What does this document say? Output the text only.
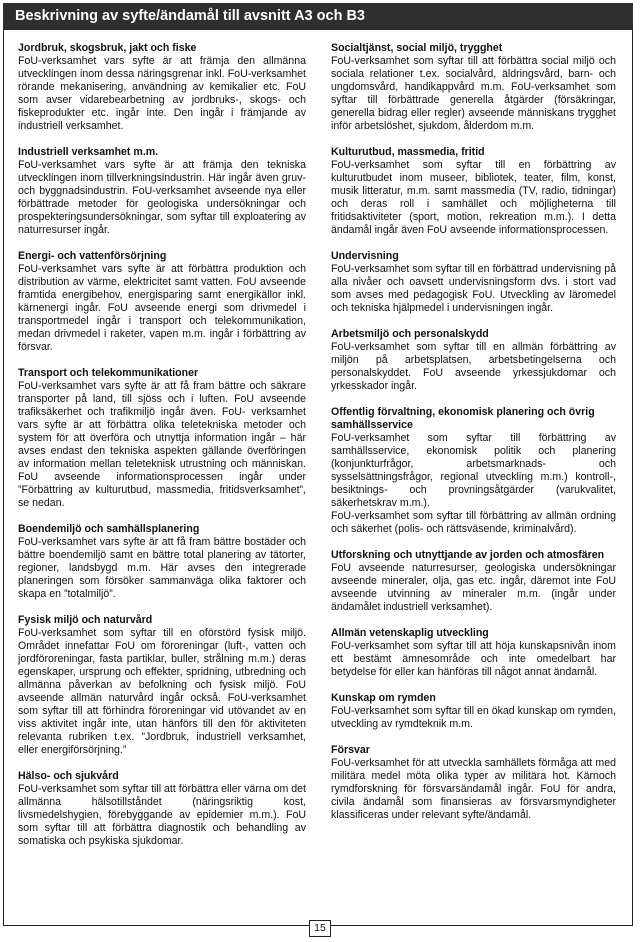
Beskrivning av syfte/ändamål till avsnitt A3 och B3
Jordbruk, skogsbruk, jakt och fiske

FoU-verksamhet vars syfte är att främja den allmänna utvecklingen inom dessa näringsgrenar inkl. FoU-verksamhet rörande mekanisering, användning av kemikalier etc. FoU som avser vidarebearbetning av jordbruks-, skogs- och fiskeprodukter etc. ingår inte. Den ingår i främjande av industriell verksamhet.

Industriell verksamhet m.m.

FoU-verksamhet vars syfte är att främja den tekniska utvecklingen inom tillverkningsindustrin. Här ingår även gruv- och byggnadsindustrin. FoU-verksamhet avseende nya eller förbättrade metoder för geologiska undersökningar och prospekteringsundersökningar, som syftar till exploatering av naturresurser ingår.

Energi- och vattenförsörjning

FoU-verksamhet vars syfte är att förbättra produktion och distribution av värme, elektricitet samt vatten. FoU avseende framtida energibehov, energisparing samt energikällor inkl. kärnenergi ingår. FoU avseende energi som drivmedel i transportmedel ingår i transport och telekommunikation, medan drivmedel i raketer, vapen m.m. ingår i förbättring av försvar.

Transport och telekommunikationer

FoU-verksamhet vars syfte är att få fram bättre och säkrare transporter på land, till sjöss och i luften. FoU avseende trafiksäkerhet och trafikmiljö ingår även. FoU- verksamhet vars syfte är att förbättra olika teletekniska metoder och system för att överföra och utnyttja information ingår – här avses endast den tekniska aspekten gällande överföringen av information mellan teleteknisk utrustning och människan. FoU avseende informationsprocessen ingår under ”Förbättring av kulturutbud, massmedia, fritidsverksamhet”, se nedan.

Boendemiljö och samhällsplanering

FoU-verksamhet vars syfte är att få fram bättre bostäder och bättre boendemiljö samt en bättre total planering av tätorter, regioner, landsbygd m.m. Här avses den integrerade planeringen som försöker sammanväga olika faktorer och skapa en ”totalmiljö”.

Fysisk miljö och naturvård

FoU-verksamhet som syftar till en oförstörd fysisk miljö. Området innefattar FoU om föroreningar (luft-, vatten och jordföroreningar, fasta partiklar, buller, strålning m.m.) deras egenskaper, ursprung och effekter, spridning, utbredning och allmänna påverkan av befolkning och fysisk miljö. FoU avseende allmän naturvård ingår också. FoU-verksamhet som syftar till att förhindra föroreningar vid utövandet av en viss aktivitet ingår inte, utan hänförs till den för aktiviteten relevanta rubriken t.ex. ”Jordbruk, industriell verksamhet, eller energiförsörjning.”

Hälso- och sjukvård

FoU-verksamhet som syftar till att förbättra eller värna om det allmänna hälsotillståndet (näringsriktig kost, livsmedelshygien, förebyggande av epidemier m.m.). FoU som syftar till att förbättra diagnostik och behandling av somatiska och psykiska sjukdomar.

Socialtjänst, social miljö, trygghet

FoU-verksamhet som syftar till att förbättra social miljö och sociala relationer t.ex. socialvård, äldringsvård, barn- och ungdomsvård, handikappvård m.m. FoU-verksamhet som syftar till förbättrade generella åtgärder (försäkringar, generella bidrag eller regler) avseende människans trygghet inför arbetslöshet, sjukdom, ålderdom m.m.

Kulturutbud, massmedia, fritid

FoU-verksamhet som syftar till en förbättring av kulturutbudet inom museer, bibliotek, teater, film, konst, musik litteratur, m.m. samt massmedia (TV, radio, tidningar) och deras roll i samhället och möjligheterna till fritidsaktiviteter (sport, motion, rekreation m.m.). I detta ändamål ingår även FoU avseende informationsprocessen.

Undervisning

FoU-verksamhet som syftar till en förbättrad undervisning på alla nivåer och oavsett undervisningsform dvs. i stort vad som avses med pedagogisk FoU. Utveckling av läromedel och tekniska hjälpmedel i undervisningen ingår.

Arbetsmiljö och personalskydd

FoU-verksamhet som syftar till en allmän förbättring av miljön på arbetsplatsen, arbetsbetingelserna och personalskyddet. FoU avseende yrkessjukdomar och yrkesskador ingår.

Offentlig förvaltning, ekonomisk planering och övrig samhällsservice

FoU-verksamhet som syftar till förbättring av samhällsservice, ekonomisk politik och planering (konjunkturfrågor, arbetsmarknads- och sysselsättningsfrågor, regional utveckling m.m.) kontroll-, besiktnings- och provningsåtgärder (varukvalitet, säkerhetskrav m.m.).

FoU-verksamhet som syftar till förbättring av allmän ordning och säkerhet (polis- och rättsväsende, kriminalvård).

Utforskning och utnyttjande av jorden och atmosfären

FoU avseende naturresurser, geologiska undersökningar avseende mineraler, olja, gas etc. ingår, däremot inte FoU avseende utvinning av mineraler m.m. (ingår under ändamålet industriell verksamhet).

Allmän vetenskaplig utveckling

FoU-verksamhet som syftar till att höja kunskapsnivån inom ett bestämt ämnesområde och inte omedelbart har betydelse för eller kan hänföras till något annat ändamål.

Kunskap om rymden

FoU-verksamhet som syftar till en ökad kunskap om rymden, utveckling av rymdteknik m.m.

Försvar

FoU-verksamhet för att utveckla samhällets förmåga att med militära medel möta olika typer av militära hot. Kärnoch rymdforskning för försvarsändamål ingår. FoU för andra, civila ändamål som finansieras av försvarsmyndigheter klassificeras under relevant syfte/ändamål.

15
